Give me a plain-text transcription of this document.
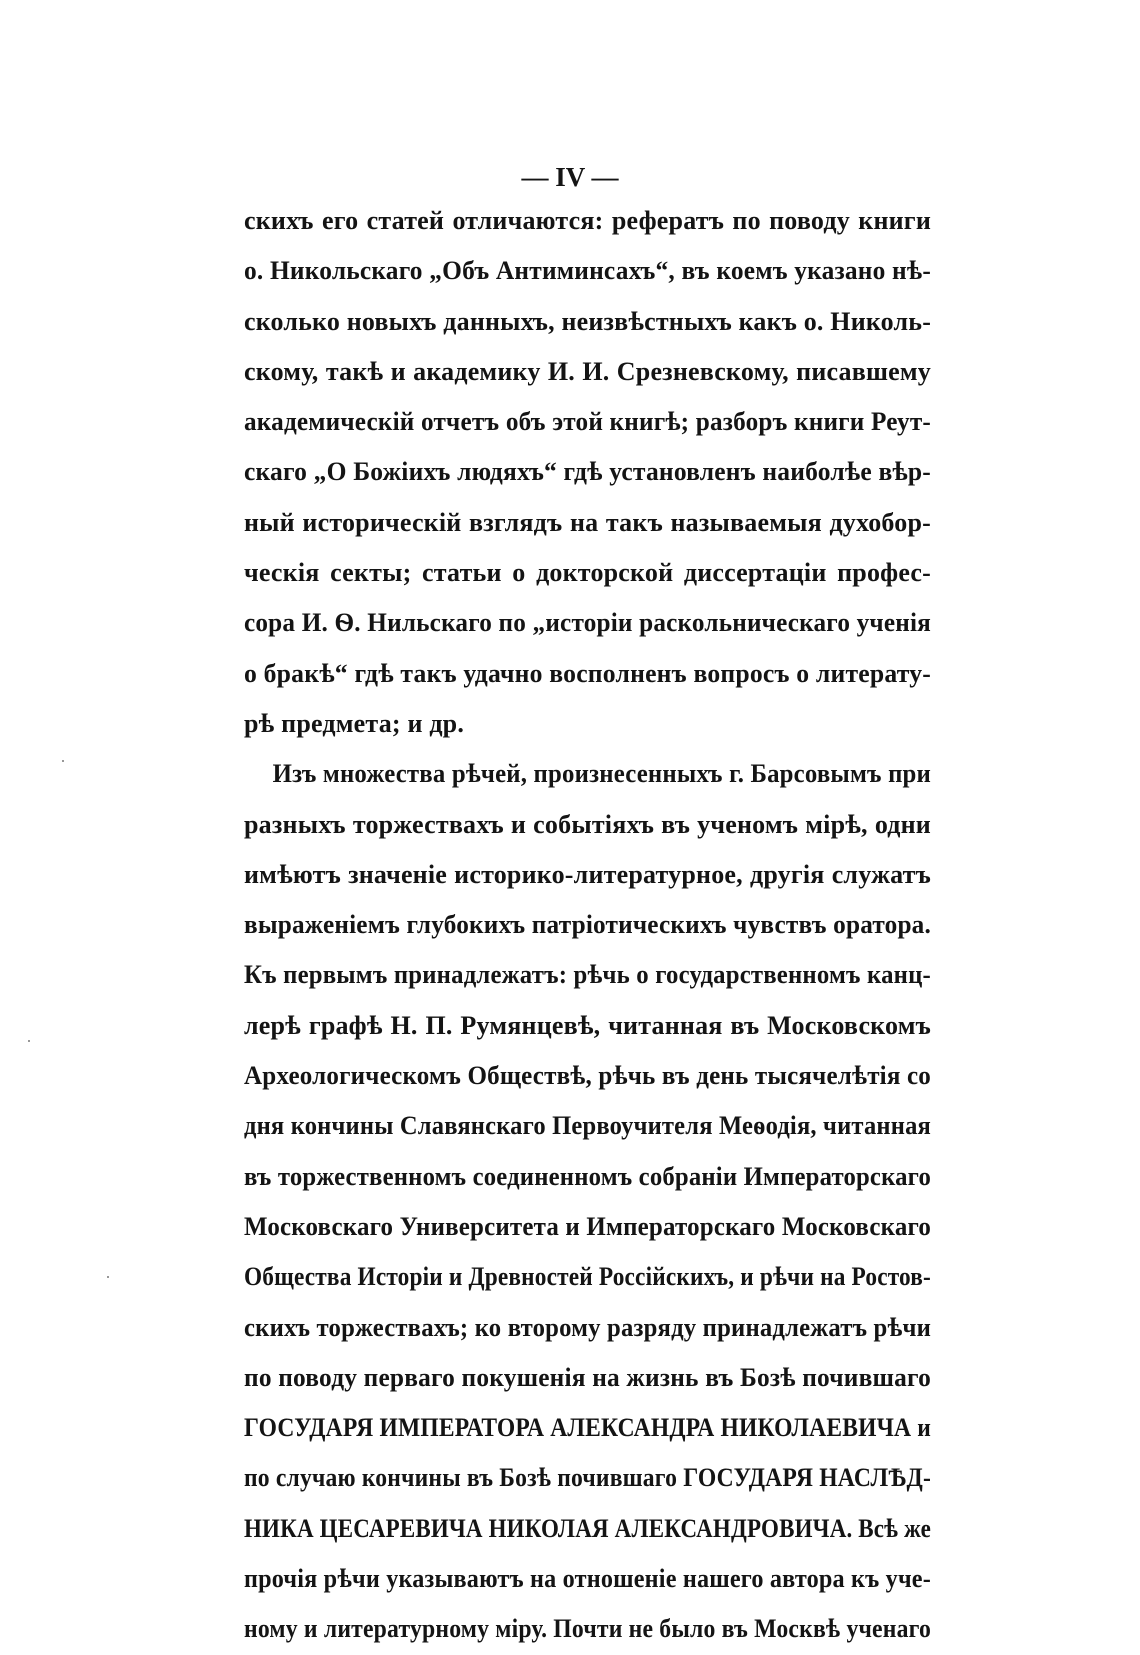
— IV —
скихъ его статей отличаются: рефератъ по поводу книги
о. Никольскаго „Объ Антиминсахъ“, въ коемъ указано нѣ-
сколько новыхъ данныхъ, неизвѣстныхъ какъ о. Николь-
скому, такѣ и академику И. И. Срезневскому, писавшему
академическій отчетъ объ этой книгѣ; разборъ книги Реут-
скаго „О Божіихъ людяхъ“ гдѣ установленъ наиболѣе вѣр-
ный историческій взглядъ на такъ называемыя духобор-
ческія секты; статьи о докторской диссертаціи профес-
сора И. Ѳ. Нильскаго по „исторіи раскольническаго ученія
о бракѣ“ гдѣ такъ удачно восполненъ вопросъ о литерату-
рѣ предмета; и др.
Изъ множества рѣчей, произнесенныхъ г. Барсовымъ при
разныхъ торжествахъ и событіяхъ въ ученомъ мірѣ, одни
имѣютъ значеніе историко-литературное, другія служатъ
выраженіемъ глубокихъ патріотическихъ чувствъ оратора.
Къ первымъ принадлежатъ: рѣчь о государственномъ канц-
лерѣ графѣ Н. П. Румянцевѣ, читанная въ Московскомъ
Археологическомъ Обществѣ, рѣчь въ день тысячелѣтія со
дня кончины Славянскаго Первоучителя Меѳодія, читанная
въ торжественномъ соединенномъ собраніи Императорскаго
Московскаго Университета и Императорскаго Московскаго
Общества Исторіи и Древностей Россійскихъ, и рѣчи на Ростов-
скихъ торжествахъ; ко второму разряду принадлежатъ рѣчи
по поводу перваго покушенія на жизнь въ Бозѣ почившаго
ГОСУДАРЯ ИМПЕРАТОРА АЛЕКСАНДРА НИКОЛАЕВИЧА и
по случаю кончины въ Бозѣ почившаго ГОСУДАРЯ НАСЛѢД-
НИКА ЦЕСАРЕВИЧА НИКОЛАЯ АЛЕКСАНДРОВИЧА. Всѣ же
прочія рѣчи указываютъ на отношеніе нашего автора къ уче-
ному и литературному міру. Почти не было въ Москвѣ ученаго
